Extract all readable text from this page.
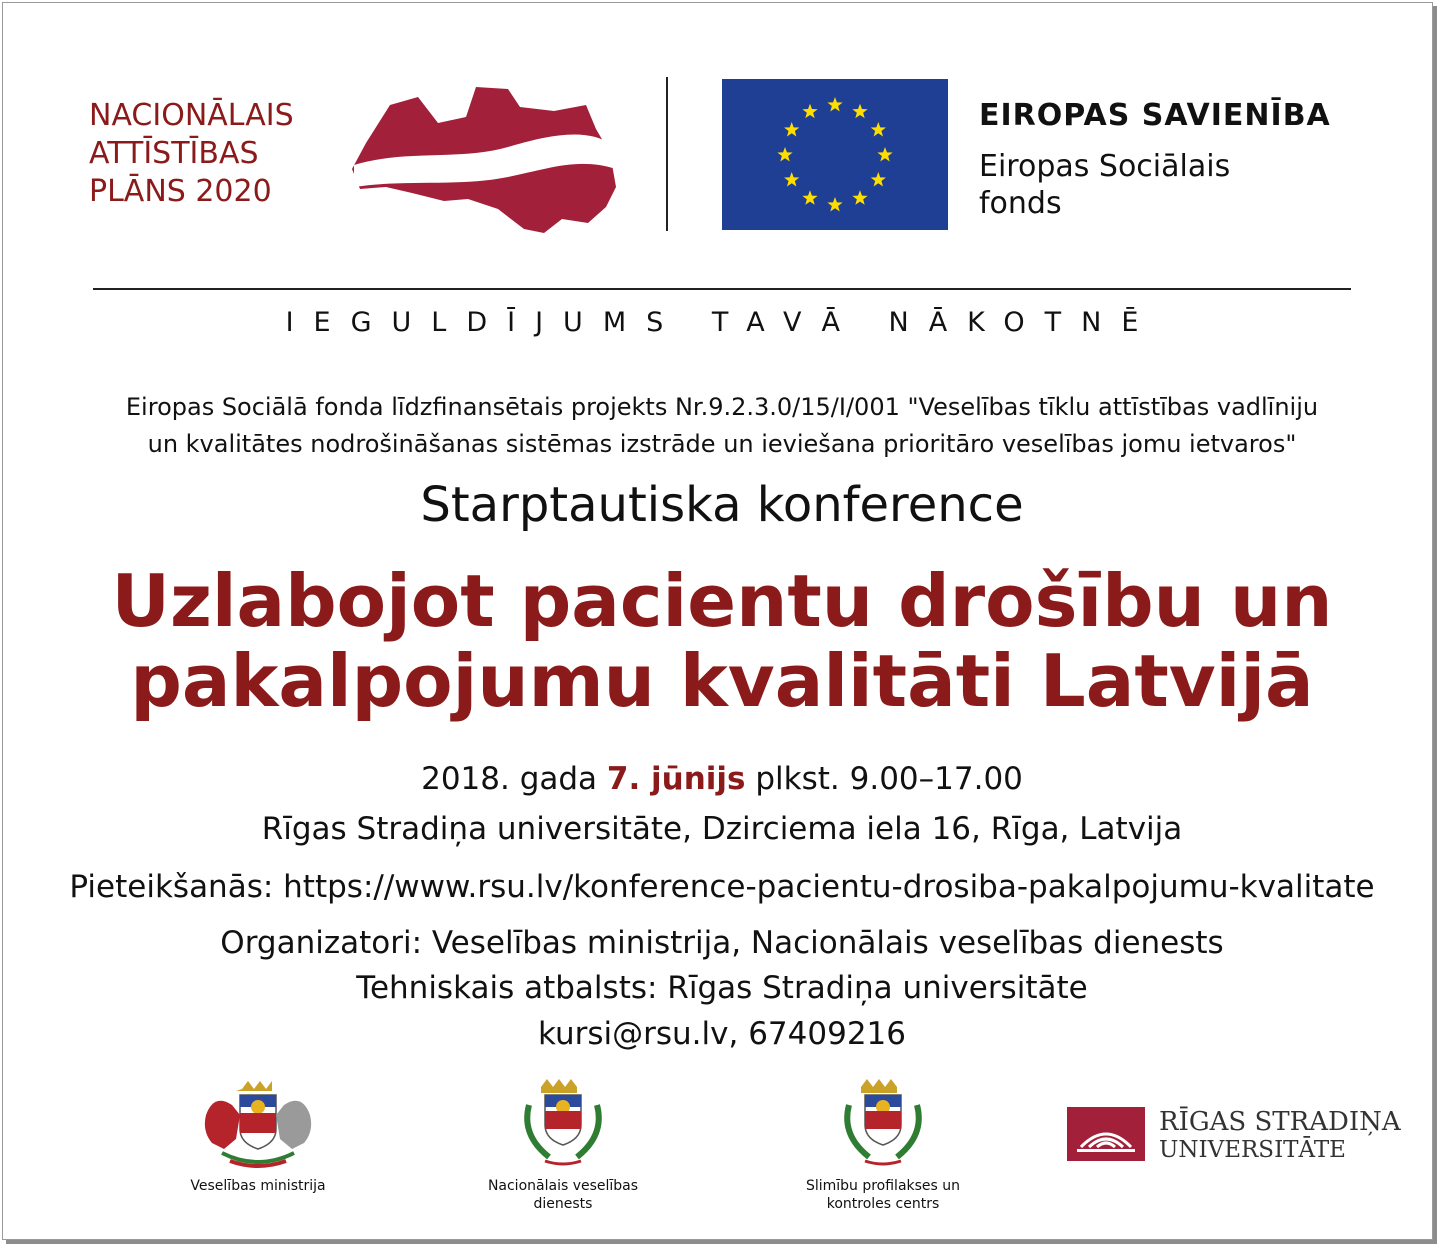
NACIONĀLAIS
ATTĪSTĪBAS
PLĀNS 2020
EIROPAS SAVIENĪBA
Eiropas Sociālais
fonds
IEGULDĪJUMS TAVĀ NĀKOTNĒ
Eiropas Sociālā fonda līdzfinansētais projekts Nr.9.2.3.0/15/I/001 "Veselības tīklu attīstības vadlīniju
un kvalitātes nodrošināšanas sistēmas izstrāde un ieviešana prioritāro veselības jomu ietvaros"
Starptautiska konference
Uzlabojot pacientu drošību un
pakalpojumu kvalitāti Latvijā
2018. gada 7. jūnijs plkst. 9.00–17.00
Rīgas Stradiņa universitāte, Dzirciema iela 16, Rīga, Latvija
Pieteikšanās: https://www.rsu.lv/konference-pacientu-drosiba-pakalpojumu-kvalitate
Organizatori: Veselības ministrija, Nacionālais veselības dienests
Tehniskais atbalsts: Rīgas Stradiņa universitāte
kursi@rsu.lv, 67409216
Veselības ministrija	Nacionālais veselības
dienests
Slimību profilakses un
kontroles centrs
RĪGAS STRADIŅA
UNIVERSITĀTE
